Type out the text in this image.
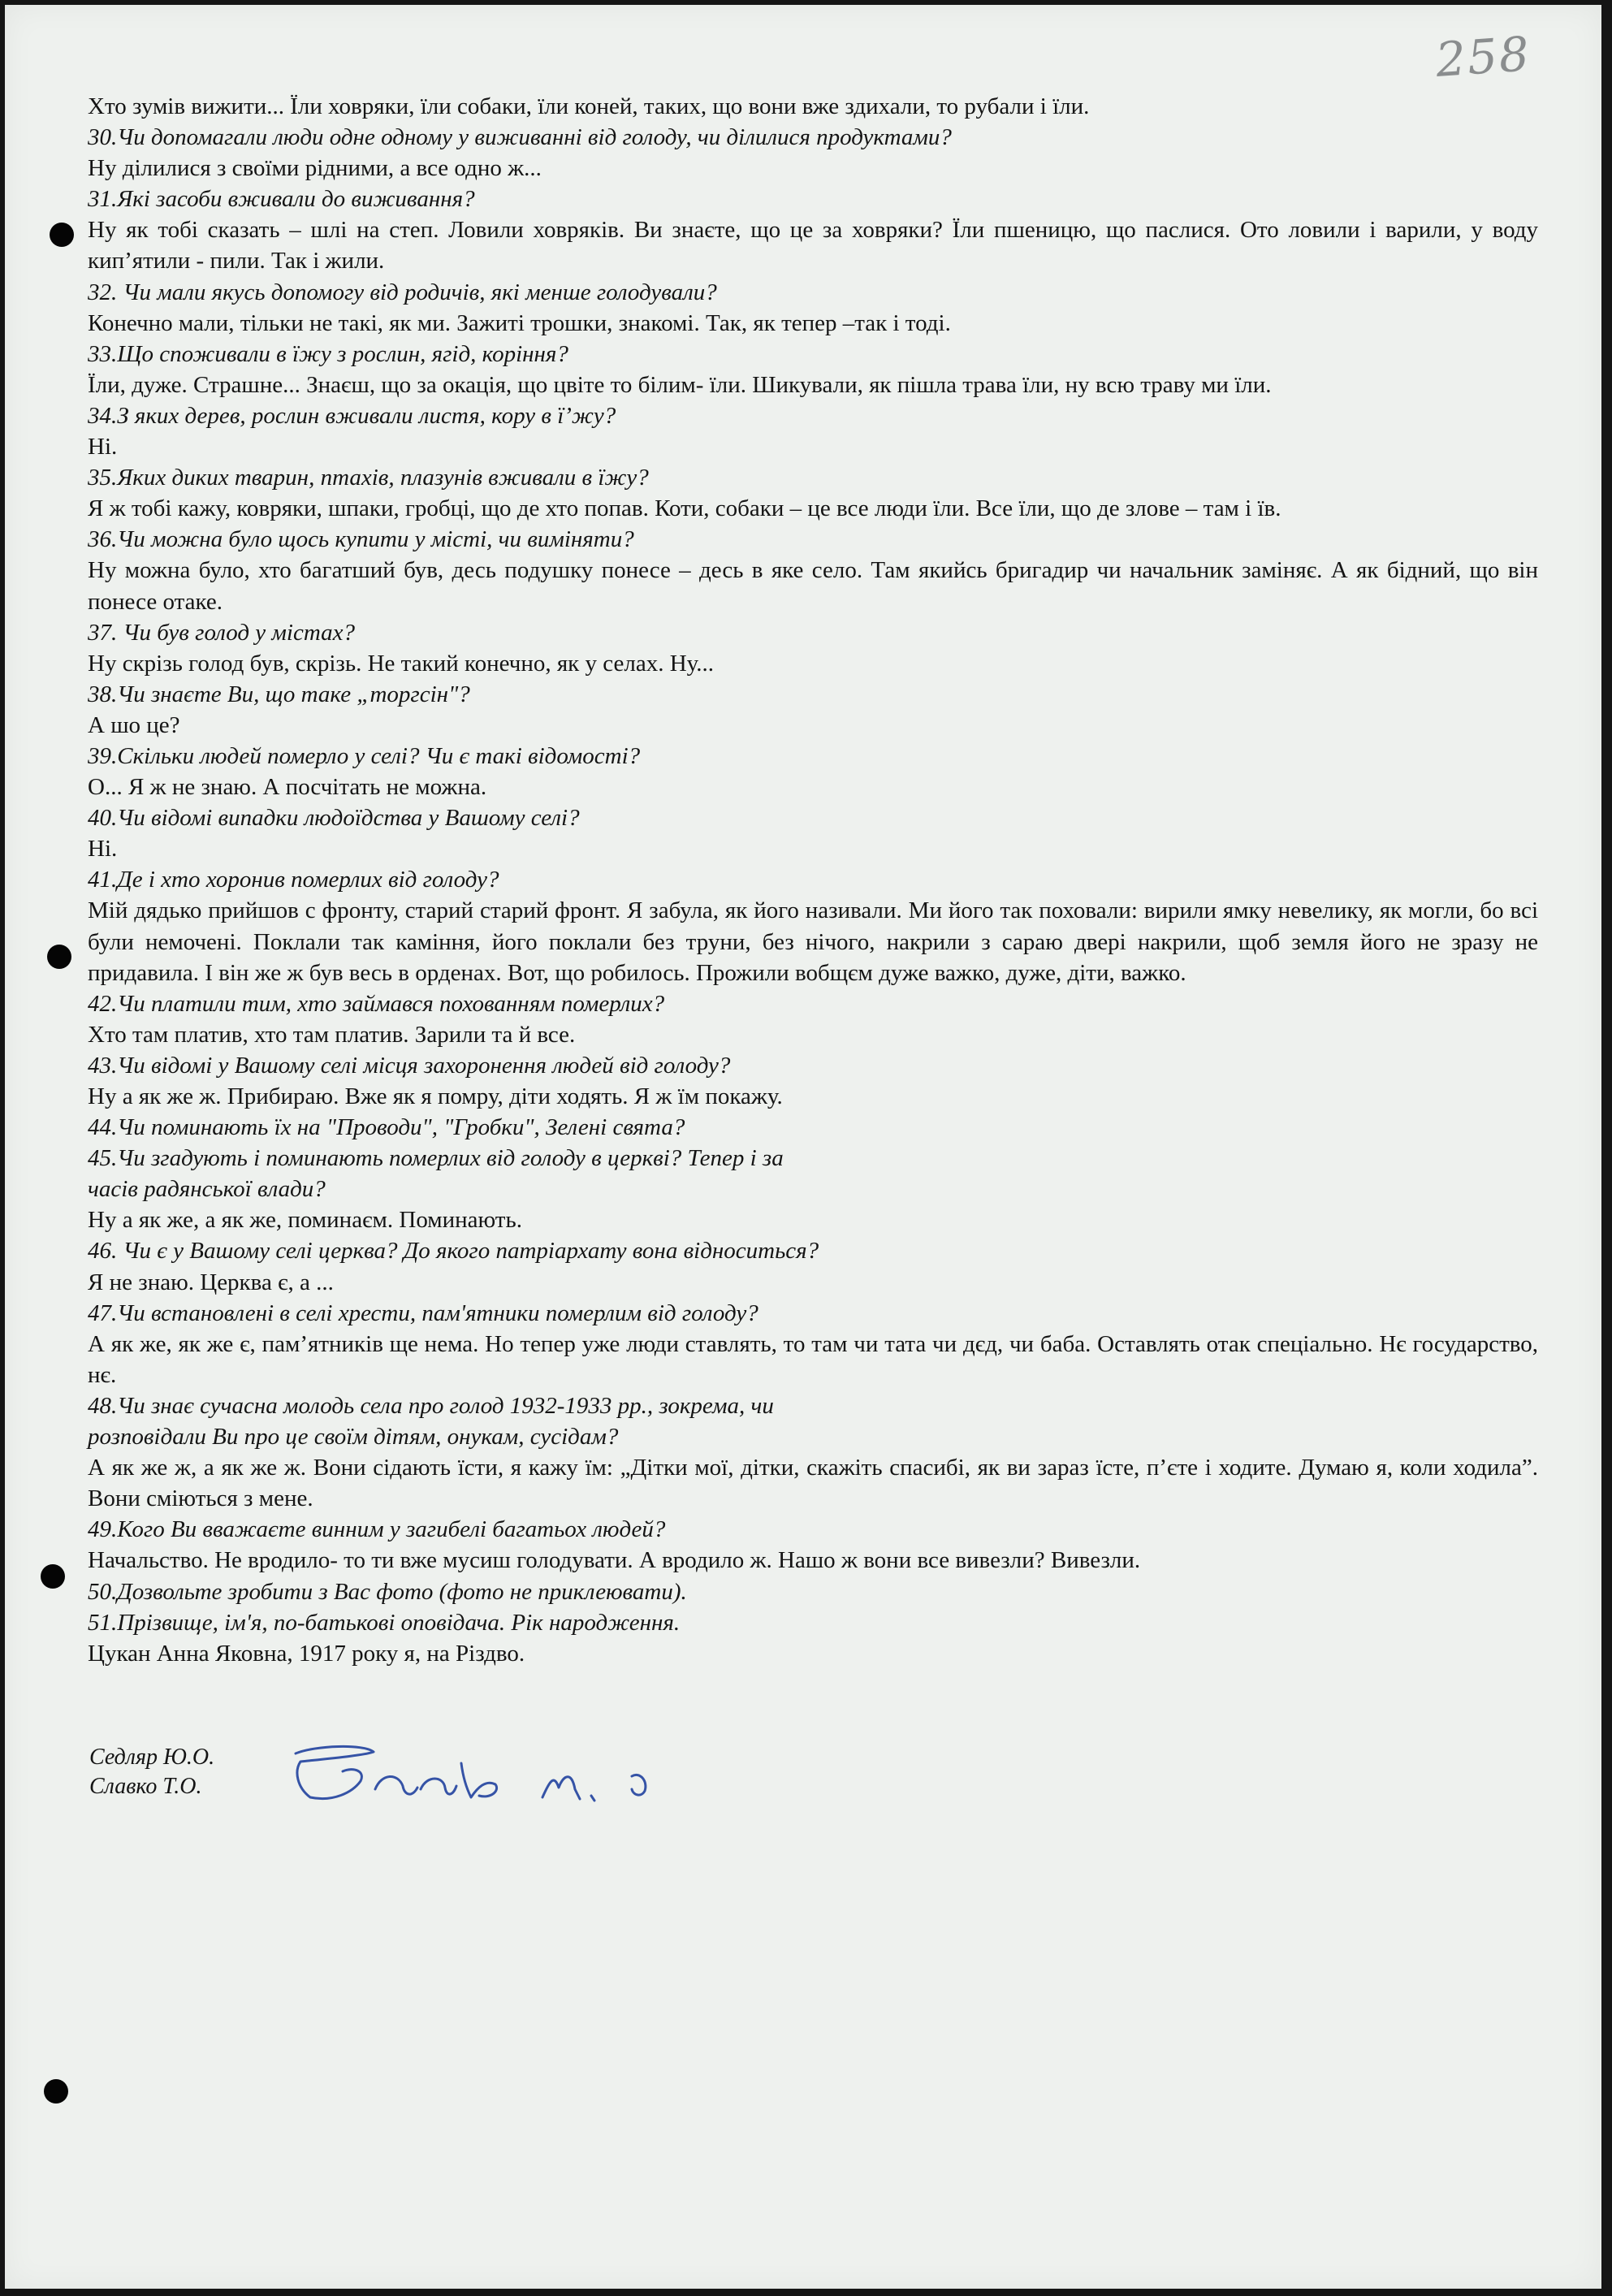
258
Хто зумів вижити... Їли ховряки, їли собаки, їли коней, таких, що вони вже здихали, то рубали і їли.
30.Чи допомагали люди одне одному у виживанні від голоду, чи ділилися продуктами?
Ну ділилися з своїми рідними, а все одно ж...
31.Які засоби вживали до виживання?
Ну як тобі сказать – шлі на степ. Ловили ховряків. Ви знаєте, що це за ховряки? Їли пшеницю, що паслися. Ото ловили і варили, у воду кип’ятили - пили. Так і жили.
32. Чи мали якусь допомогу від родичів, які менше голодували?
Конечно мали, тільки не такі, як ми. Зажиті трошки, знакомі. Так, як тепер –так і тоді.
33.Що споживали в їжу з рослин, ягід, коріння?
Їли, дуже. Страшне... Знаєш, що за окація, що цвіте то білим- їли. Шикували, як пішла трава їли, ну всю траву ми їли.
34.З яких дерев, рослин вживали листя, кору в ї’жу?
Ні.
35.Яких диких тварин, птахів, плазунів вживали в їжу?
Я ж тобі кажу, ковряки, шпаки, гробці, що де хто попав. Коти, собаки – це все люди їли. Все їли, що де злове – там і їв.
36.Чи можна було щось купити у місті, чи виміняти?
Ну можна було, хто багатший був, десь подушку понесе – десь в яке село. Там якийсь бригадир чи начальник заміняє. А як бідний, що він понесе отаке.
37. Чи був голод у містах?
Ну скрізь голод був, скрізь. Не такий конечно, як у селах. Ну...
38.Чи знаєте Ви, що таке „торгсін"?
А шо це?
39.Скільки людей померло у селі? Чи є такі відомості?
О... Я ж не знаю. А посчітать не можна.
40.Чи відомі випадки людоїдства у Вашому селі?
Ні.
41.Де і хто хоронив померлих від голоду?
Мій дядько прийшов с фронту, старий старий фронт. Я забула, як його називали. Ми його так поховали: вирили ямку невелику, як могли, бо всі були немочені. Поклали так каміння, його поклали без труни, без нічого, накрили з сараю двері накрили, щоб земля його не зразу не придавила. І він же ж був весь в орденах. Вот, що робилось. Прожили вобщєм дуже важко, дуже, діти, важко.
42.Чи платили тим, хто займався похованням померлих?
Хто там платив, хто там платив. Зарили та й все.
43.Чи відомі у Вашому селі місця захоронення людей від голоду?
Ну а як же ж. Прибираю. Вже як я помру, діти ходять. Я ж їм покажу.
44.Чи поминають їх на "Проводи", "Гробки", Зелені свята?
45.Чи згадують і поминають померлих від голоду в церкві? Тепер і за
часів радянської влади?
Ну а як же, а як же, поминаєм. Поминають.
46. Чи є у Вашому селі церква? До якого патріархату вона відноситься?
Я не знаю. Церква є, а ...
47.Чи встановлені в селі хрести, пам'ятники померлим від голоду?
А як же, як же є, пам’ятників ще нема. Но тепер уже люди ставлять, то там чи тата чи дєд, чи баба. Оставлять отак спеціально. Нє государство, нє.
48.Чи знає сучасна молодь села про голод 1932-1933 рр., зокрема, чи
розповідали Ви про це своїм дітям, онукам, сусідам?
А як же ж, а як же ж. Вони сідають їсти, я кажу їм: „Дітки мої, дітки, скажіть спасибі, як ви зараз їсте, п’єте і ходите. Думаю я, коли ходила”. Вони сміються з мене.
49.Кого Ви вважаєте винним у загибелі багатьох людей?
Начальство. Не вродило- то ти вже мусиш голодувати. А вродило ж. Нашо ж вони все вивезли? Вивезли.
50.Дозвольте зробити з Вас фото (фото не приклеювати).
51.Прізвище, ім'я, по-батькові оповідача. Рік народження.
Цукан Анна Яковна, 1917 року я, на Різдво.
Седляр Ю.О.
Славко Т.О.
